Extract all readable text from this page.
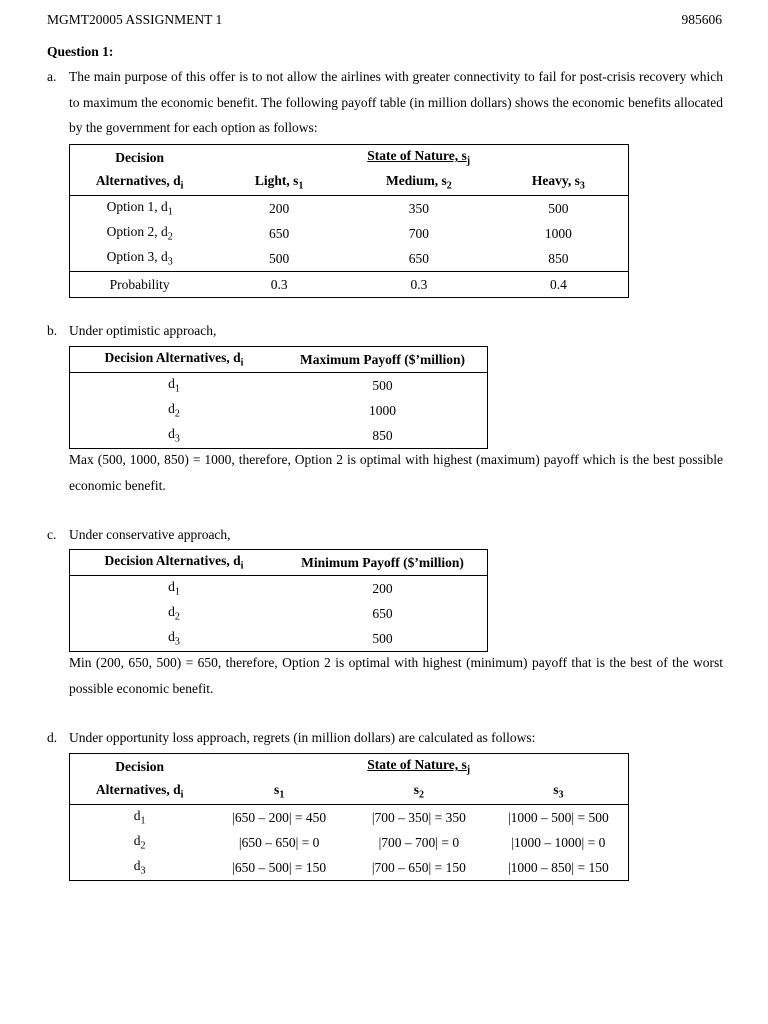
MGMT20005 ASSIGNMENT 1	985606
Question 1:
a. The main purpose of this offer is to not allow the airlines with greater connectivity to fail for post-crisis recovery which to maximum the economic benefit. The following payoff table (in million dollars) shows the economic benefits allocated by the government for each option as follows:
Decision	State of Nature, $s_j$
Alternatives, $d_i$	Light, $s_1$	Medium, $s_2$	Heavy, $s_3$
Option 1, $d_1$	200	350	500
Option 2, $d_2$	650	700	1000
Option 3, $d_3$	500	650	850
Probability	0.3	0.3	0.4
b. Under optimistic approach,
Decision Alternatives, $d_i$	Maximum Payoff ($’million)
$d_1$	500
$d_2$	1000
$d_3$	850
Max (500, 1000, 850) = 1000, therefore, Option 2 is optimal with highest (maximum) payoff which is the best possible economic benefit.
c. Under conservative approach,
Decision Alternatives, $d_i$	Minimum Payoff ($’million)
$d_1$	200
$d_2$	650
$d_3$	500
Min (200, 650, 500) = 650, therefore, Option 2 is optimal with highest (minimum) payoff that is the best of the worst possible economic benefit.
d. Under opportunity loss approach, regrets (in million dollars) are calculated as follows:
Decision	State of Nature, $s_j$
Alternatives, $d_i$	$s_1$	$s_2$	$s_3$
$d_1$	|650 – 200| = 450	|700 – 350| = 350	|1000 – 500| = 500
$d_2$	|650 – 650| = 0	|700 – 700| = 0	|1000 – 1000| = 0
$d_3$	|650 – 500| = 150	|700 – 650| = 150	|1000 – 850| = 150
